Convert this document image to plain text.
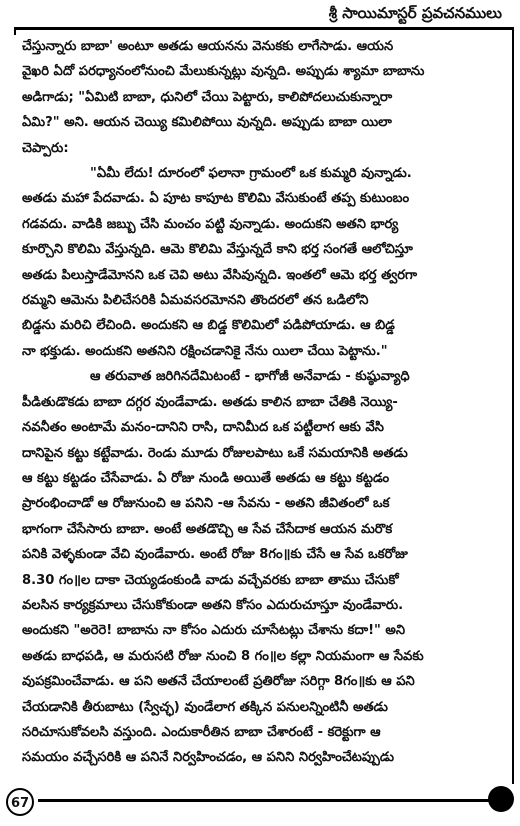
శ్రీ సాయిమాస్టర్ ప్రవచనములు
చేస్తున్నారు బాబా' అంటూ అతడు ఆయనను వెనుకకు లాగేసాడు. ఆయన
వైఖరి ఏదో పరధ్యానంలోనుంచి మేలుకున్నట్లు వున్నది. అప్పుడు శ్యామా బాబాను
అడిగాడు; "ఏమిటి బాబా, ధునిలో చేయి పెట్టారు, కాలిపోదలుచుకున్నారా
ఏమి?" అని. ఆయన చెయ్యి కమిలిపోయి వున్నది. అప్పుడు బాబా యిలా
చెప్పారు:
"ఏమీ లేదు! దూరంలో ఫలానా గ్రామంలో ఒక కుమ్మరి వున్నాడు.
అతడు మహా పేదవాడు. ఏ పూట కాపూట కొలిమి వేసుకుంటే తప్ప కుటుంబం
గడవదు. వాడికి జబ్బు చేసి మంచం పట్టి వున్నాడు. అందుకని అతని భార్య
కూర్చొని కొలిమి వేస్తున్నది. ఆమె కొలిమి వేస్తున్నదే కాని భర్త సంగతే ఆలోచిస్తూ
అతడు పిలుస్తాడేమోనని ఒక చెవి అటు వేసివున్నది. ఇంతలో ఆమె భర్త త్వరగా
రమ్మని ఆమెను పిలిచేసరికి ఏమవసరమోనని తొందరలో తన ఒడిలోని
బిడ్డను మరిచి లేచింది. అందుకని ఆ బిడ్డ కొలిమిలో పడిపోయాడు. ఆ బిడ్డ
నా భక్తుడు. అందుకని అతనిని రక్షించడానికై నేను యిలా చేయి పెట్టాను."
ఆ తరువాత జరిగినదేమిటంటే - భాగోజీ అనేవాడు - కుష్ఠువ్యాధి
పీడితుడొకడు బాబా దగ్గర వుండేవాడు. అతడు కాలిన బాబా చేతికి నెయ్యి-
నవనీతం అంటామే మనం-దానిని రాసి, దానిమీద ఒక పట్టీలాగ ఆకు వేసి
దానిపైన కట్టు కట్టేవాడు. రెండు మూడు రోజులపాటు ఒకే సమయానికి అతడు
ఆ కట్టు కట్టడం చేసేవాడు. ఏ రోజు నుండి అయితే అతడు ఆ కట్టు కట్టడం
ప్రారంభించాడో ఆ రోజునుంచి ఆ పనిని -ఆ సేవను - అతని జీవితంలో ఒక
భాగంగా చేసేసారు బాబా. అంటే అతడొచ్చి ఆ సేవ చేసేదాక ఆయన మరొక
పనికి వెళ్ళకుండా వేచి వుండేవారు. అంటే రోజు 8గం॥కు చేసే ఆ సేవ ఒకరోజు
8.30 గం॥ల దాకా చెయ్యడంకుండి వాడు వచ్చేవరకు బాబా తాము చేసుకో
వలసిన కార్యక్రమాలు చేసుకోకుండా అతని కోసం ఎదురుచూస్తూ వుండేవారు.
అందుకని "అరెరె! బాబాను నా కోసం ఎదురు చూసేటట్లు చేశాను కదా!" అని
అతడు బాధపడి, ఆ మరుసటి రోజు నుంచి 8 గం॥ల కల్లా నియమంగా ఆ సేవకు
వుపక్రమించేవాడు. ఆ పని అతనే చేయాలంటే ప్రతిరోజు సరిగ్గా 8గం॥కు ఆ పని
చేయడానికి తీరుబాటు (స్వేచ్ఛ) వుండేలాగ తక్కిన పనులన్నింటినీ అతడు
సరిచూసుకోవలసి వస్తుంది. ఎందుకారీతిన బాబా చేశారంటే - కరెక్టుగా ఆ
సమయం వచ్చేసరికి ఆ పనినే నిర్వహించడం, ఆ పనిని నిర్వహించేటప్పుడు
67
